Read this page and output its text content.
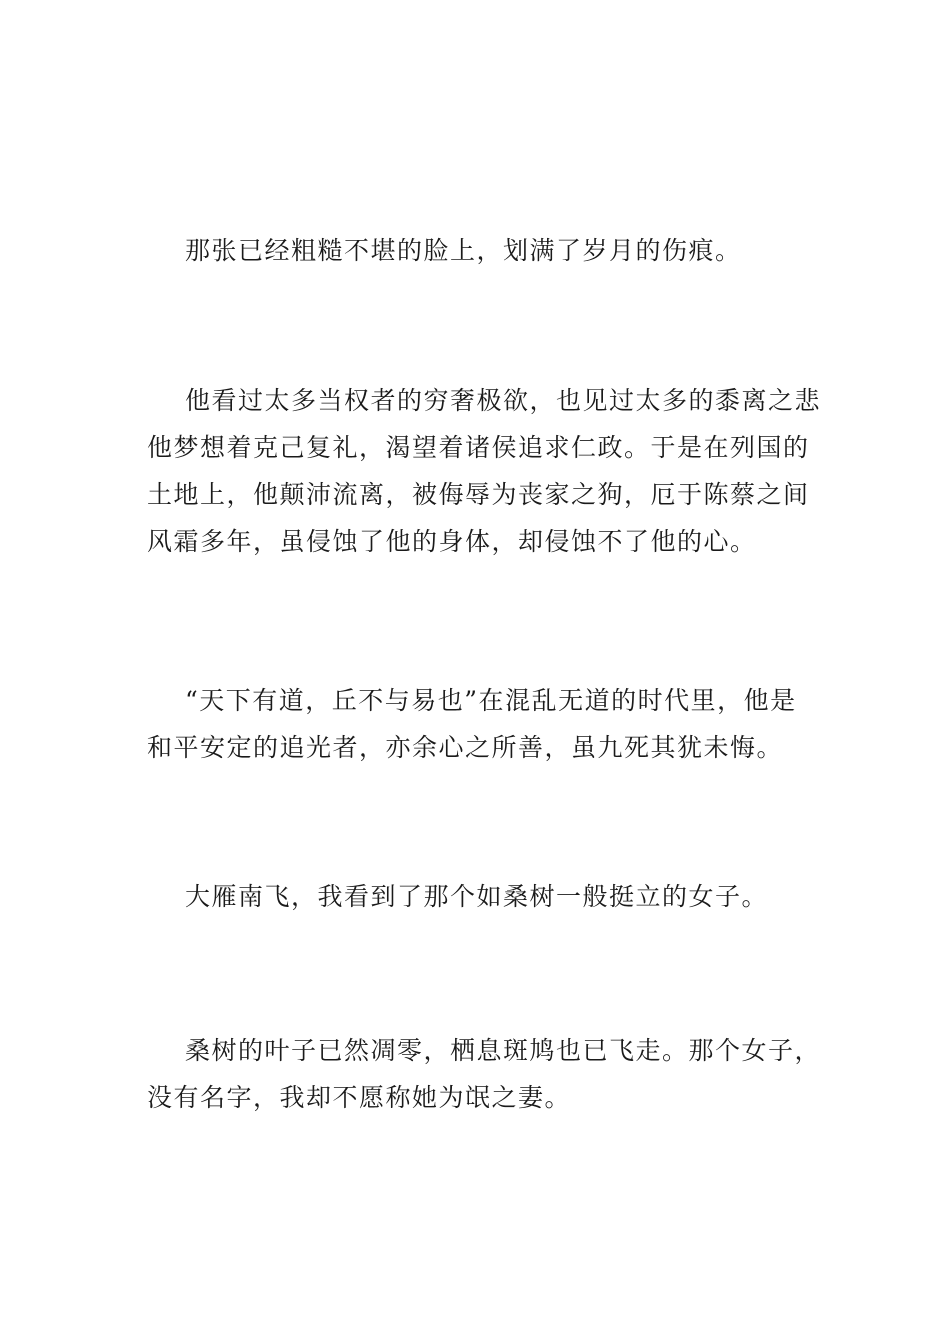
那张已经粗糙不堪的脸上，划满了岁月的伤痕。

他看过太多当权者的穷奢极欲，也见过太多的黍离之悲
他梦想着克己复礼，渴望着诸侯追求仁政。于是在列国的
土地上，他颠沛流离，被侮辱为丧家之狗，厄于陈蔡之间
风霜多年，虽侵蚀了他的身体，却侵蚀不了他的心。

“天下有道，丘不与易也”在混乱无道的时代里，他是
和平安定的追光者，亦余心之所善，虽九死其犹未悔。

大雁南飞，我看到了那个如桑树一般挺立的女子。

桑树的叶子已然凋零，栖息斑鸠也已飞走。那个女子，
没有名字，我却不愿称她为氓之妻。
